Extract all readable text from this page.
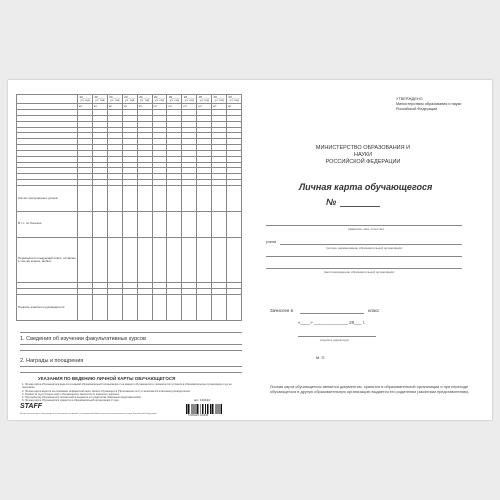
	20__-__ уч. год	20__-__ уч. год	20__-__ уч. год	20__-__ уч. год	20__-__ уч. год	20__-__ уч. год	20__-__ уч. год	20__-__ уч. год	20__-__ уч. год	20__-__ уч. год	20__-__ уч. год
	кл.	кл.	кл.	кл.	кл.	кл.	кл.	кл.	кл.	кл.	кл.

Кол-во пропущенных уроков											
В т.ч. по болезни											
Переведен в следующий класс, оставлен в том же классе, выбыл											

Подпись классного руководителя											
1. Сведения об изучении факультативных курсов
2. Награды и поощрения
УКАЗАНИЯ ПО ВЕДЕНИЮ ЛИЧНОЙ КАРТЫ ОБУЧАЮЩЕГОСЯ
1. Личная карта обучающегося ведется в каждой образовательной организации и на каждого обучающегося с момента поступления в образовательную организацию и до ее окончания.
2. Личная карта ведется на основании алфавитной книги записи обучающихся (Приложение № 1) и заполняется классным руководителем.
3. Оценки за год в личную карту обучающегося заносятся из классного журнала.
4. При выбытии обучающегося личная карта выдается его родителям (законным представителям).
5. Личная карта обучающегося хранится в образовательной организации 3 года.
STAFF
арт. 130194
4 606224 101540
Бланк личной карты обучающегося изготовлен по форме, утвержденной Министерством образования и науки Российской Федерации.
УТВЕРЖДЕНО
Министерством образования и науки
Российской Федерации
МИНИСТЕРСТВО ОБРАЗОВАНИЯ И НАУКИ
РОССИЙСКОЙ ФЕДЕРАЦИИ
Личная карта обучающегося
№
(фамилия, имя, отчество)
учени
(полное наименование образовательной организации)
(местонахождение образовательной организации)
Зачислен в	класс
«____» ______________ 20___ г.
(подпись директора)
М. П.
Личная карта обучающегося является документом, хранится в образовательной организации и при переходе обучающегося в другую образовательную организацию выдается его родителям (законным представителям).
